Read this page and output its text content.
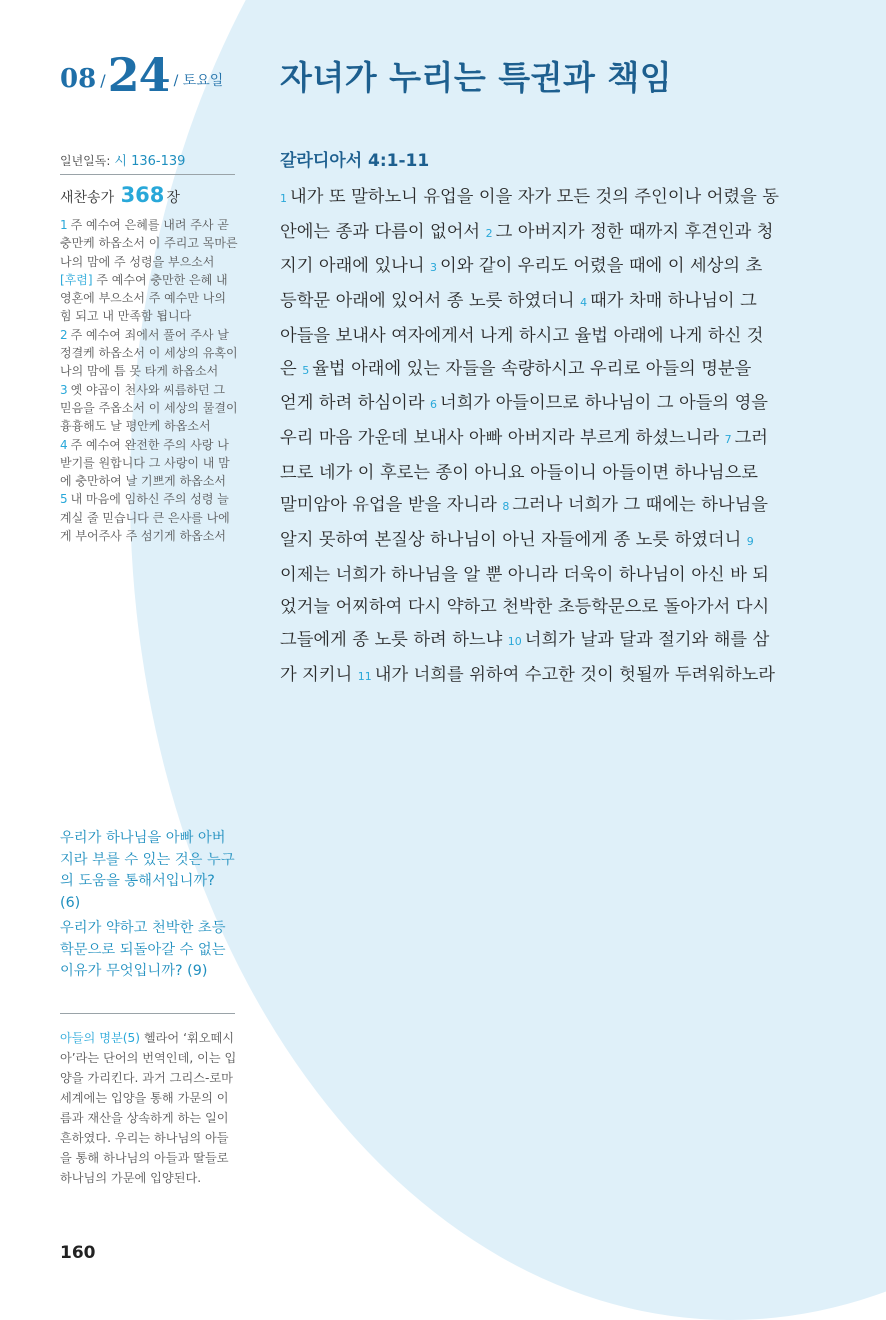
08 / 24 / 토요일 자녀가 누리는 특권과 책임
일년일독: 시 136-139
새찬송가 368 장

1 주 예수여 은혜를 내려 주사 곧 충만케 하옵소서 이 주리고 목마른 나의 맘에 주 성령을 부으소서

[후렴] 주 예수여 충만한 은혜 내 영혼에 부으소서 주 예수만 나의 힘 되고 내 만족함 됩니다

2 주 예수여 죄에서 풀어 주사 날 정결케 하옵소서 이 세상의 유혹이 나의 맘에 틈 못 타게 하옵소서

3 옛 야곱이 천사와 씨름하던 그 믿음을 주옵소서 이 세상의 물결이 흉흉해도 날 평안케 하옵소서

4 주 예수여 완전한 주의 사랑 나 받기를 원합니다 그 사랑이 내 맘에 충만하여 날 기쁘게 하옵소서

5 내 마음에 임하신 주의 성령 늘 계실 줄 믿습니다 큰 은사를 나에게 부어주사 주 섬기게 하옵소서

우리가 하나님을 아빠 아버지라 부를 수 있는 것은 누구의 도움을 통해서입니까? (6)
우리가 약하고 천박한 초등학문으로 되돌아갈 수 없는 이유가 무엇입니까? (9)
아들의 명분(5) 헬라어 ‘휘오떼시아’라는 단어의 번역인데, 이는 입양을 가리킨다. 과거 그리스-로마 세계에는 입양을 통해 가문의 이름과 재산을 상속하게 하는 일이 흔하였다. 우리는 하나님의 아들을 통해 하나님의 아들과 딸들로 하나님의 가문에 입양된다.
160
갈라디아서 4:1-11
1 내가 또 말하노니 유업을 이을 자가 모든 것의 주인이나 어렸을 동
안에는 종과 다름이 없어서 2 그 아버지가 정한 때까지 후견인과 청
지기 아래에 있나니 3 이와 같이 우리도 어렸을 때에 이 세상의 초
등학문 아래에 있어서 종 노릇 하였더니 4 때가 차매 하나님이 그
아들을 보내사 여자에게서 나게 하시고 율법 아래에 나게 하신 것
은 5 율법 아래에 있는 자들을 속량하시고 우리로 아들의 명분을
얻게 하려 하심이라 6 너희가 아들이므로 하나님이 그 아들의 영을
우리 마음 가운데 보내사 아빠 아버지라 부르게 하셨느니라 7 그러
므로 네가 이 후로는 종이 아니요 아들이니 아들이면 하나님으로
말미암아 유업을 받을 자니라 8 그러나 너희가 그 때에는 하나님을
알지 못하여 본질상 하나님이 아닌 자들에게 종 노릇 하였더니 9
이제는 너희가 하나님을 알 뿐 아니라 더욱이 하나님이 아신 바 되
었거늘 어찌하여 다시 약하고 천박한 초등학문으로 돌아가서 다시
그들에게 종 노릇 하려 하느냐 10 너희가 날과 달과 절기와 해를 삼
가 지키니 11 내가 너희를 위하여 수고한 것이 헛될까 두려워하노라
